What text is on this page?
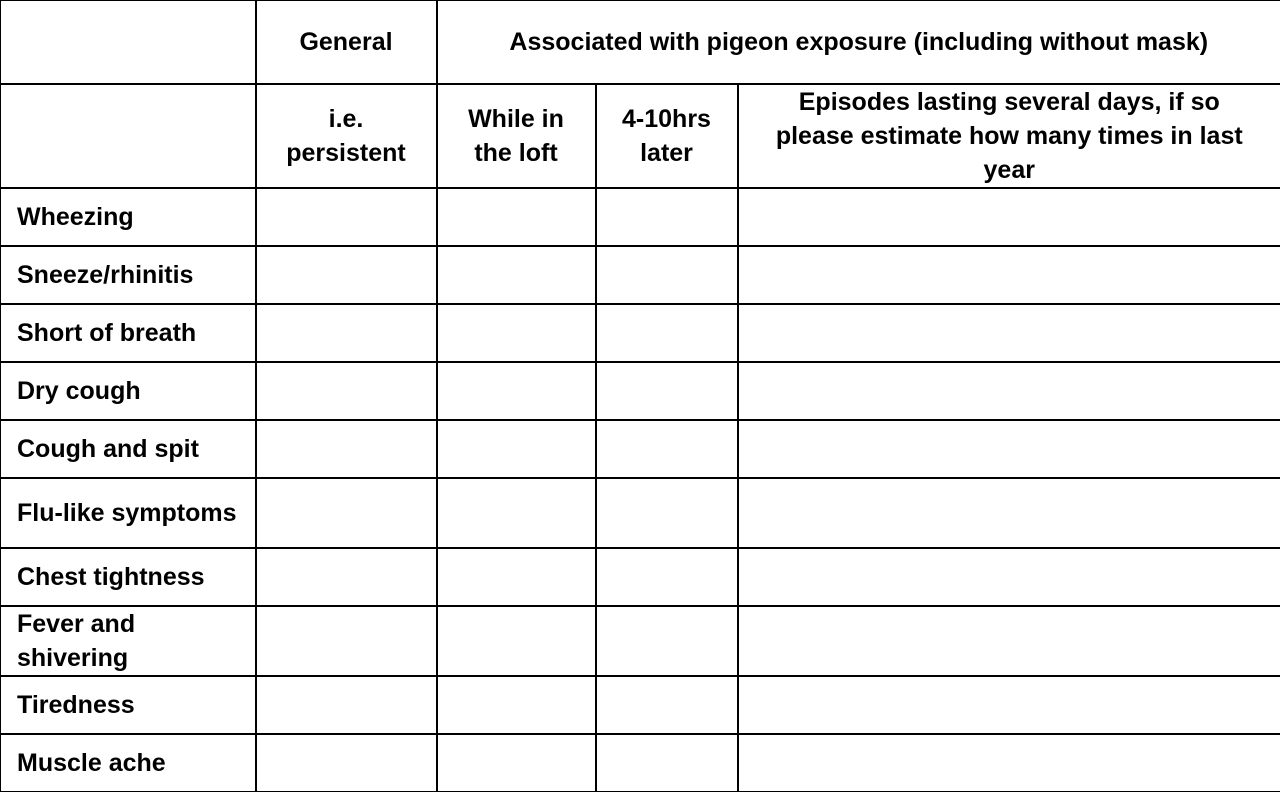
	General	Associated with pigeon exposure (including without mask)		
	i.e. persistent	While in the loft	4-10hrs later	Episodes lasting several days, if so please estimate how many times in last year
Wheezing				
Sneeze/rhinitis				
Short of breath				
Dry cough				
Cough and spit				
Flu-like symptoms				
Chest tightness				
Fever and shivering				
Tiredness				
Muscle ache				
